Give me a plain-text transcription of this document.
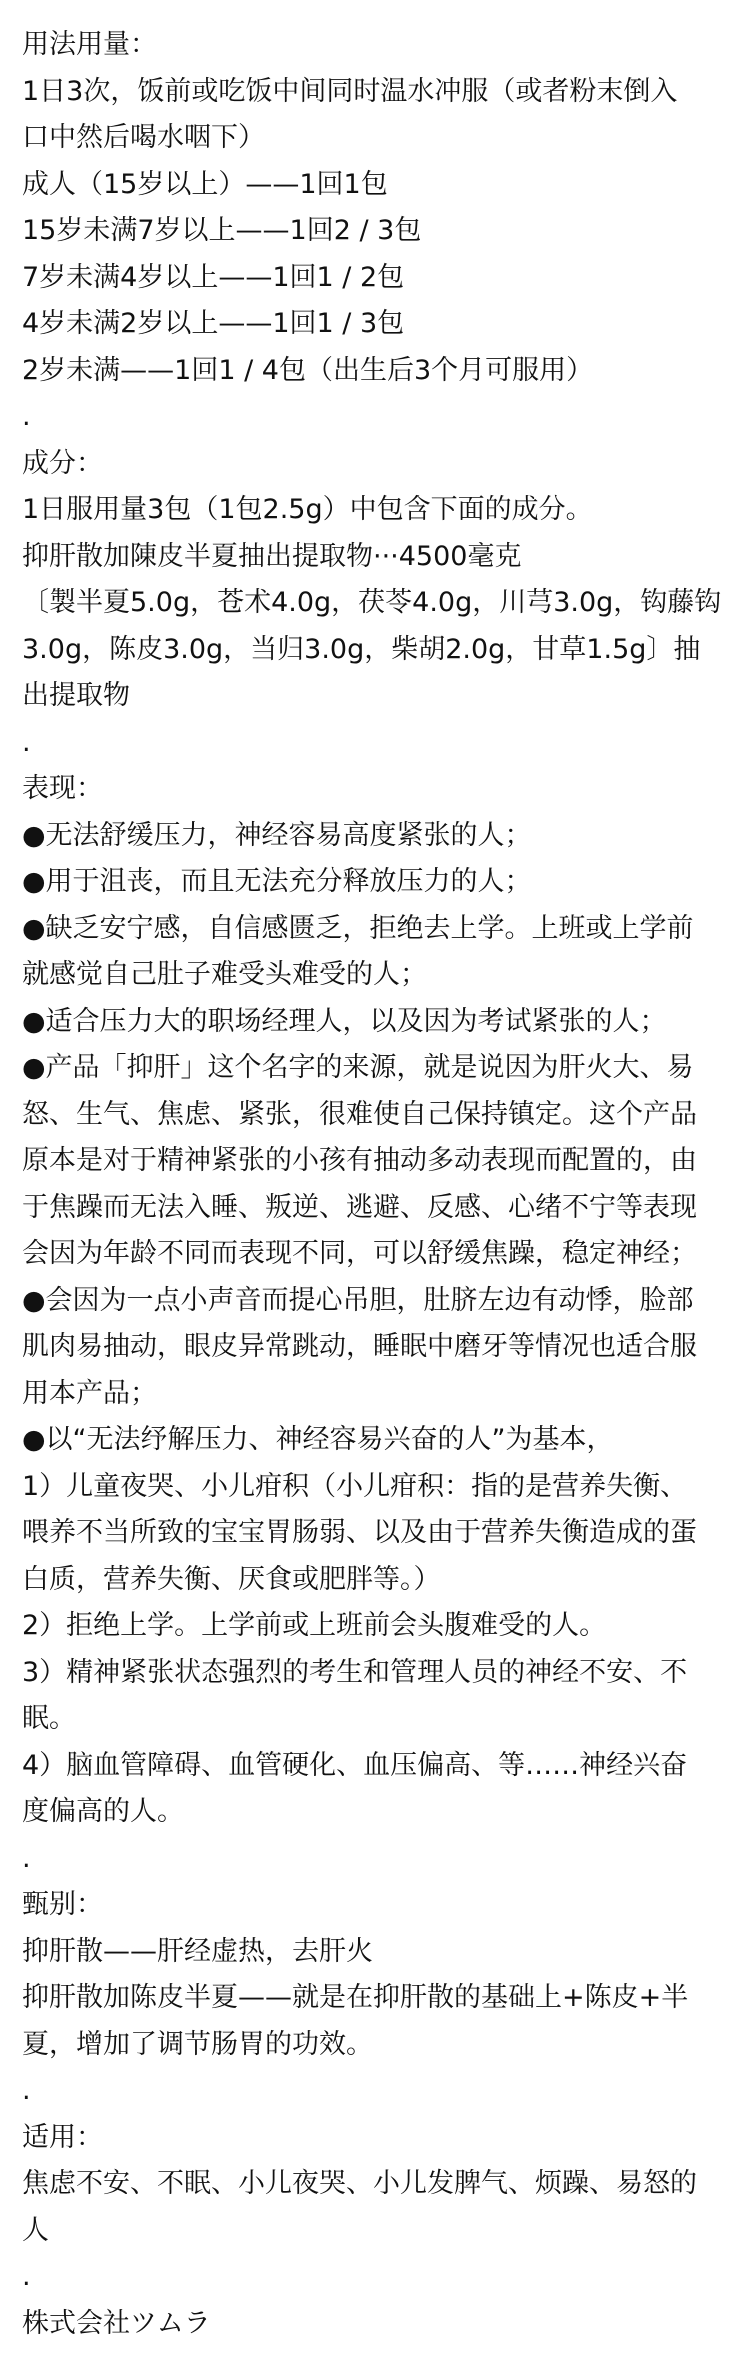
用法用量：

1日3次，饭前或吃饭中间同时温水冲服（或者粉末倒入

口中然后喝水咽下）

成人（15岁以上）——1回1包

15岁未满7岁以上——1回2 / 3包

7岁未满4岁以上——1回1 / 2包

4岁未满2岁以上——1回1 / 3包

2岁未满——1回1 / 4包（出生后3个月可服用）

.

成分：

1日服用量3包（1包2.5g）中包含下面的成分。

抑肝散加陳皮半夏抽出提取物···4500毫克

〔製半夏5.0g，苍术4.0g，茯苓4.0g，川芎3.0g，钩藤钩

3.0g，陈皮3.0g，当归3.0g，柴胡2.0g，甘草1.5g〕抽

出提取物

.

表现：

●无法舒缓压力，神经容易高度紧张的人；

●用于沮丧，而且无法充分释放压力的人；

●缺乏安宁感，自信感匮乏，拒绝去上学。上班或上学前

就感觉自己肚子难受头难受的人；

●适合压力大的职场经理人，以及因为考试紧张的人；

●产品「抑肝」这个名字的来源，就是说因为肝火大、易

怒、生气、焦虑、紧张，很难使自己保持镇定。这个产品

原本是对于精神紧张的小孩有抽动多动表现而配置的，由

于焦躁而无法入睡、叛逆、逃避、反感、心绪不宁等表现

会因为年龄不同而表现不同，可以舒缓焦躁，稳定神经；

●会因为一点小声音而提心吊胆，肚脐左边有动悸，脸部

肌肉易抽动，眼皮异常跳动，睡眠中磨牙等情况也适合服

用本产品；

●以“无法纾解压力、神经容易兴奋的人”为基本，

1）儿童夜哭、小儿疳积（小儿疳积：指的是营养失衡、

喂养不当所致的宝宝胃肠弱、以及由于营养失衡造成的蛋

白质，营养失衡、厌食或肥胖等。）

2）拒绝上学。上学前或上班前会头腹难受的人。

3）精神紧张状态强烈的考生和管理人员的神经不安、不

眠。

4）脑血管障碍、血管硬化、血压偏高、等……神经兴奋

度偏高的人。

.

甄别：

抑肝散——肝经虚热，去肝火

抑肝散加陈皮半夏——就是在抑肝散的基础上+陈皮+半

夏，增加了调节肠胃的功效。

.

适用：

焦虑不安、不眠、小儿夜哭、小儿发脾气、烦躁、易怒的

人

.

株式会社ツムラ
